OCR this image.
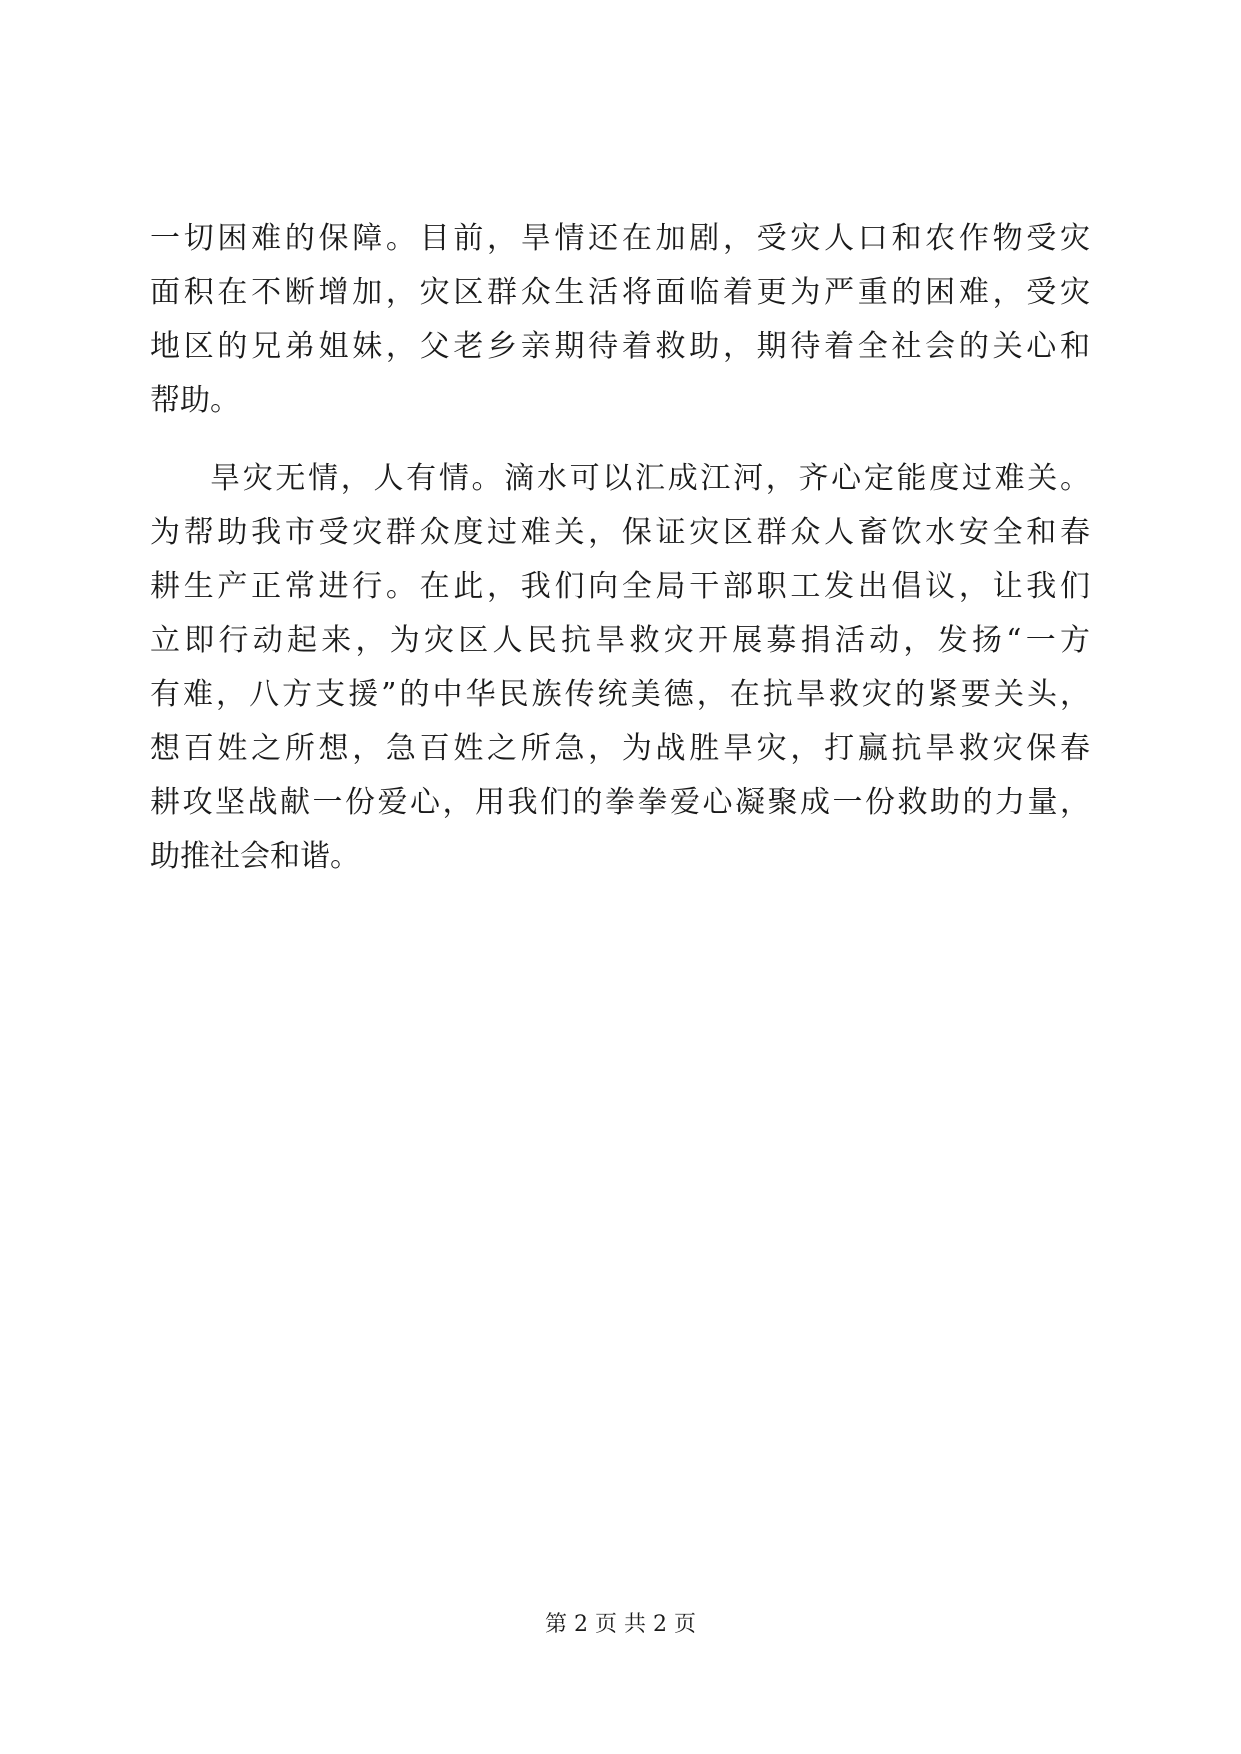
一切困难的保障。目前，旱情还在加剧，受灾人口和农作物受灾
面积在不断增加，灾区群众生活将面临着更为严重的困难，受灾
地区的兄弟姐妹，父老乡亲期待着救助，期待着全社会的关心和
帮助。
旱灾无情，人有情。滴水可以汇成江河，齐心定能度过难关。
为帮助我市受灾群众度过难关，保证灾区群众人畜饮水安全和春
耕生产正常进行。在此，我们向全局干部职工发出倡议，让我们
立即行动起来，为灾区人民抗旱救灾开展募捐活动，发扬“一方
有难，八方支援”的中华民族传统美德，在抗旱救灾的紧要关头，
想百姓之所想，急百姓之所急，为战胜旱灾，打赢抗旱救灾保春
耕攻坚战献一份爱心，用我们的拳拳爱心凝聚成一份救助的力量，
助推社会和谐。
第 2 页 共 2 页
